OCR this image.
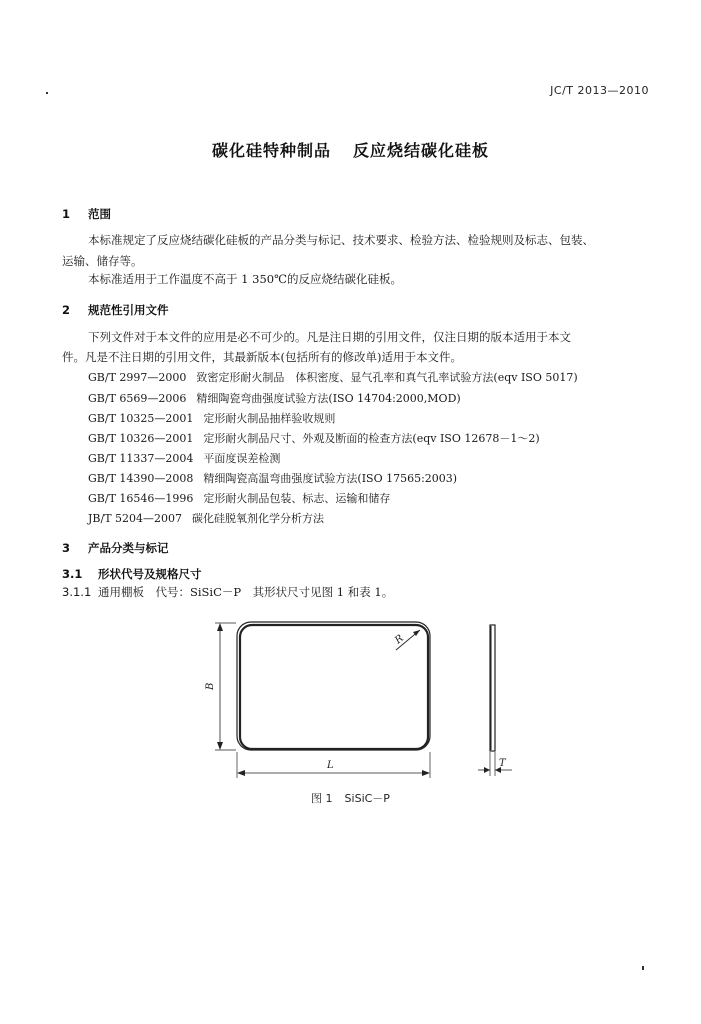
JC/T 2013—2010
碳化硅特种制品 反应烧结碳化硅板
1 范围
本标准规定了反应烧结碳化硅板的产品分类与标记、技术要求、检验方法、检验规则及标志、包装、
运输、储存等。
本标准适用于工作温度不高于 1 350℃的反应烧结碳化硅板。
2 规范性引用文件
下列文件对于本文件的应用是必不可少的。凡是注日期的引用文件，仅注日期的版本适用于本文
件。凡是不注日期的引用文件，其最新版本(包括所有的修改单)适用于本文件。
GB/T 2997—2000 致密定形耐火制品　体积密度、显气孔率和真气孔率试验方法(eqv ISO 5017)
GB/T 6569—2006 精细陶瓷弯曲强度试验方法(ISO 14704:2000,MOD)
GB/T 10325—2001 定形耐火制品抽样验收规则
GB/T 10326—2001 定形耐火制品尺寸、外观及断面的检查方法(eqv ISO 12678－1～2)
GB/T 11337—2004 平面度误差检测
GB/T 14390—2008 精细陶瓷高温弯曲强度试验方法(ISO 17565:2003)
GB/T 16546—1996 定形耐火制品包装、标志、运输和储存
JB/T 5204—2007 碳化硅脱氧剂化学分析方法
3 产品分类与标记
3.1 形状代号及规格尺寸
3.1.1 通用棚板　代号：SiSiC－P　其形状尺寸见图 1 和表 1。
R
B
L	T
图 1 SiSiC－P
